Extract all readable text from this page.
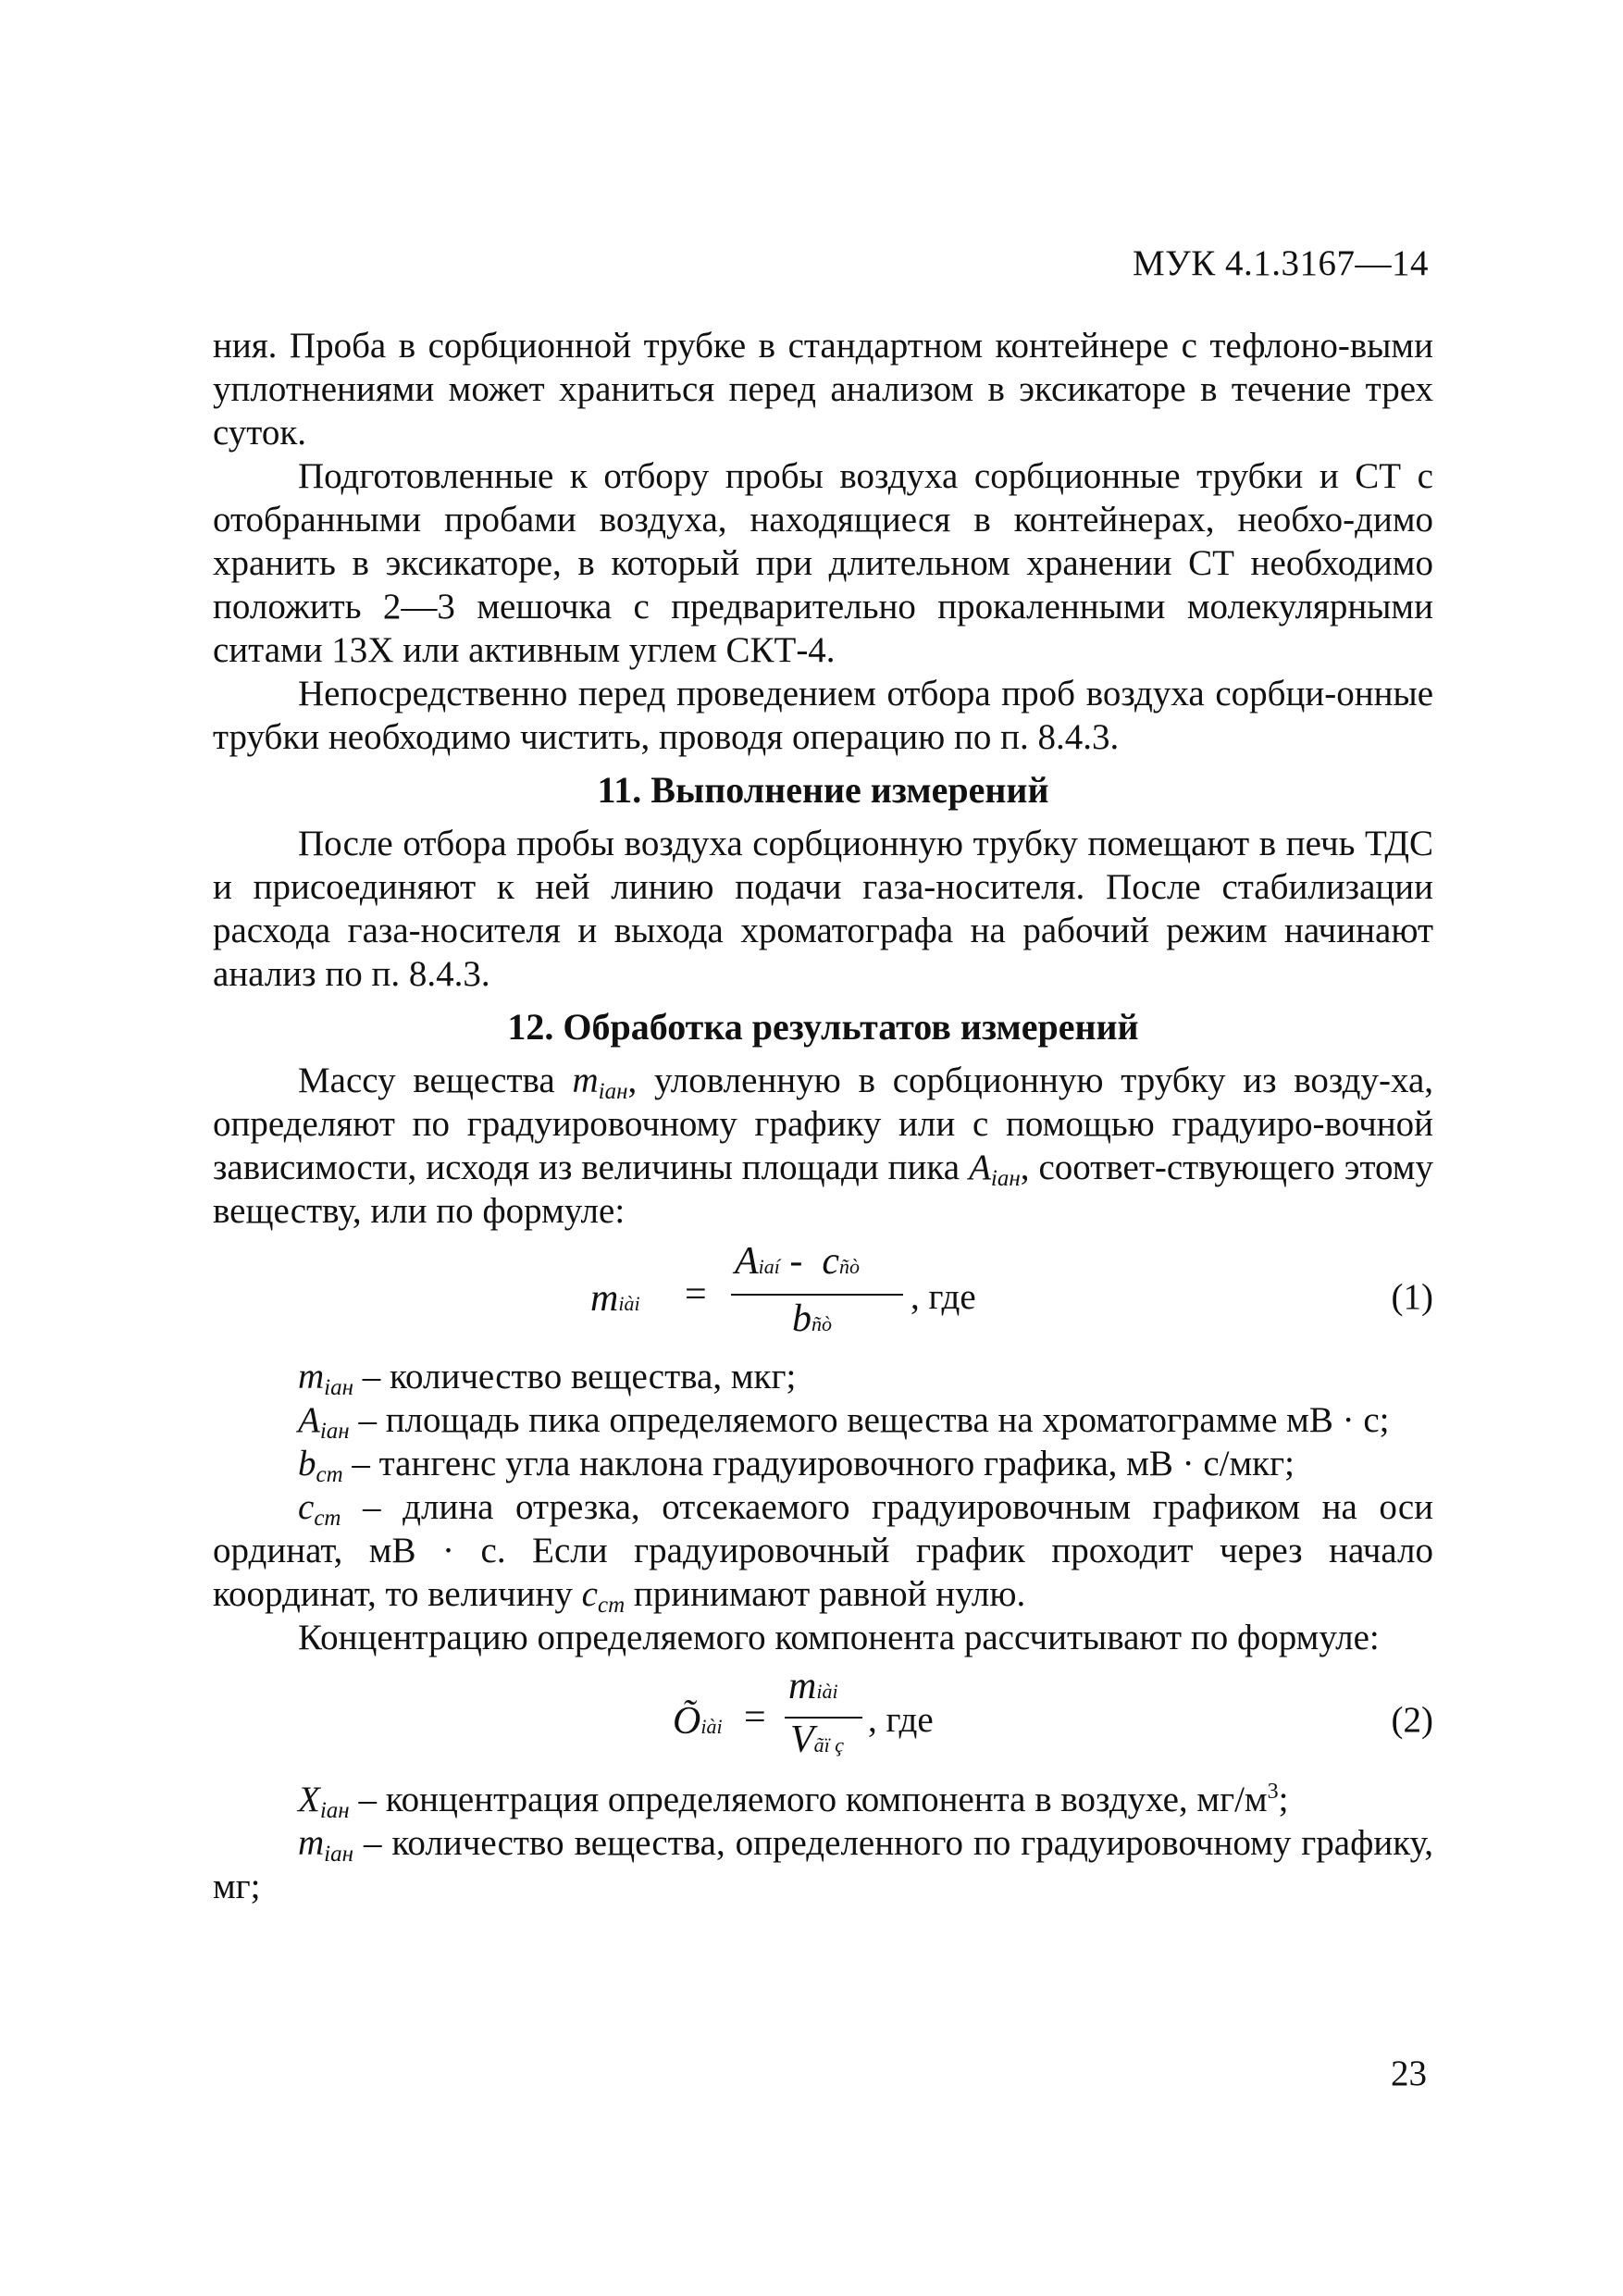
МУК 4.1.3167—14

ния. Проба в сорбционной трубке в стандартном контейнере с тефлоно-выми уплотнениями может храниться перед анализом в эксикаторе в течение трех суток.

Подготовленные к отбору пробы воздуха сорбционные трубки и СТ с отобранными пробами воздуха, находящиеся в контейнерах, необхо-димо хранить в эксикаторе, в который при длительном хранении СТ необходимо положить 2—3 мешочка с предварительно прокаленными молекулярными ситами 13Х или активным углем СКТ-4.

Непосредственно перед проведением отбора проб воздуха сорбци-онные трубки необходимо чистить, проводя операцию по п. 8.4.3.

11. Выполнение измерений

После отбора пробы воздуха сорбционную трубку помещают в печь ТДС и присоединяют к ней линию подачи газа-носителя. После стабилизации расхода газа-носителя и выхода хроматографа на рабочий режим начинают анализ по п. 8.4.3.

12. Обработка результатов измерений

Массу вещества $m_{iан}$, уловленную в сорбционную трубку из возду-ха, определяют по градуировочному графику или с помощью градуиро-вочной зависимости, исходя из величины площади пика $A_{iан}$, соответ-ствующего этому веществу, или по формуле:

miài =
Aiaí - cñò
bñò
, где	(1)

$m_{iан}$ – количество вещества, мкг;

$A_{iан}$ – площадь пика определяемого вещества на хроматограмме мВ · с;

$b_{ст}$ – тангенс угла наклона градуировочного графика, мВ · с/мкг;

$c_{ст}$ – длина отрезка, отсекаемого градуировочным графиком на оси ординат, мВ · с. Если градуировочный график проходит через начало координат, то величину $c_{ст}$ принимают равной нулю.

Концентрацию определяемого компонента рассчитывают по формуле:

Õiài =
miài
Vãï ç
, где	(2)

$X_{iан}$ – концентрация определяемого компонента в воздухе, $мг/м^3$;

$m_{iан}$ – количество вещества, определенного по градуировочному графику, мг;

23
